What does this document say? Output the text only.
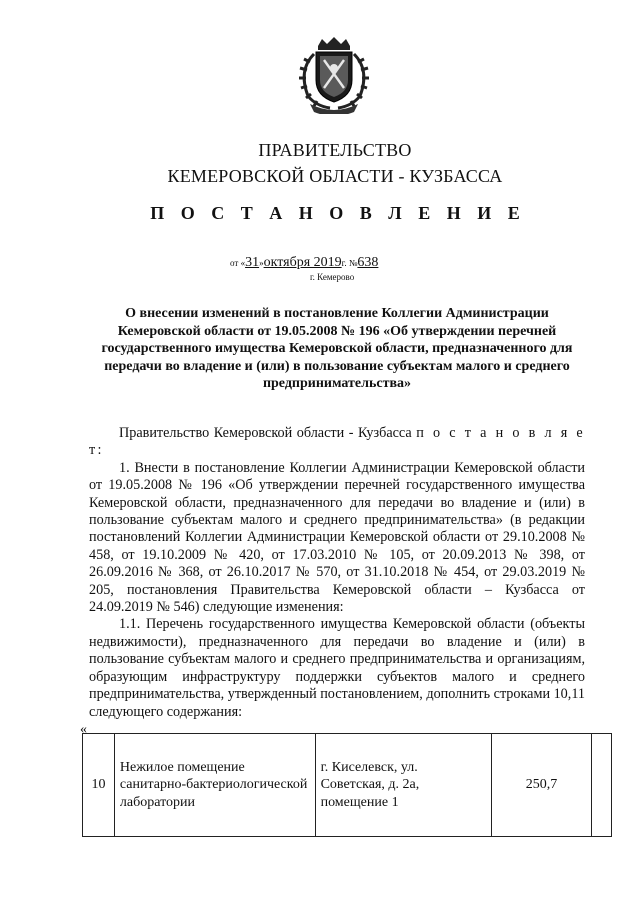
ПРАВИТЕЛЬСТВО
КЕМЕРОВСКОЙ ОБЛАСТИ - КУЗБАССА
П О С Т А Н О В Л Е Н И Е
от «31»октября 2019г. №638
г. Кемерово
О внесении изменений в постановление Коллегии Администрации Кемеровской области от 19.05.2008 № 196 «Об утверждении перечней государственного имущества Кемеровской области, предназначенного для передачи во владение и (или) в пользование субъектам малого и среднего предпринимательства»

Правительство Кемеровской области - Кузбасса п о с т а н о в л я е т:

1. Внести в постановление Коллегии Администрации Кемеровской области от 19.05.2008 № 196 «Об утверждении перечней государственного имущества Кемеровской области, предназначенного для передачи во владение и (или) в пользование субъектам малого и среднего предпринимательства» (в редакции постановлений Коллегии Администрации Кемеровской области от 29.10.2008 № 458, от 19.10.2009 № 420, от 17.03.2010 № 105, от 20.09.2013 № 398, от 26.09.2016 № 368, от 26.10.2017 № 570, от 31.10.2018 № 454, от 29.03.2019 № 205, постановления Правительства Кемеровской области – Кузбасса от 24.09.2019 № 546) следующие изменения:

1.1. Перечень государственного имущества Кемеровской области (объекты недвижимости), предназначенного для передачи во владение и (или) в пользование субъектам малого и среднего предпринимательства и организациям, образующим инфраструктуру поддержки субъектов малого и среднего предпринимательства, утвержденный постановлением, дополнить строками 10,11 следующего содержания:

«
10	Нежилое помещение санитарно-бактериологической лаборатории	г. Киселевск, ул. Советская, д. 2а, помещение 1	250,7	
